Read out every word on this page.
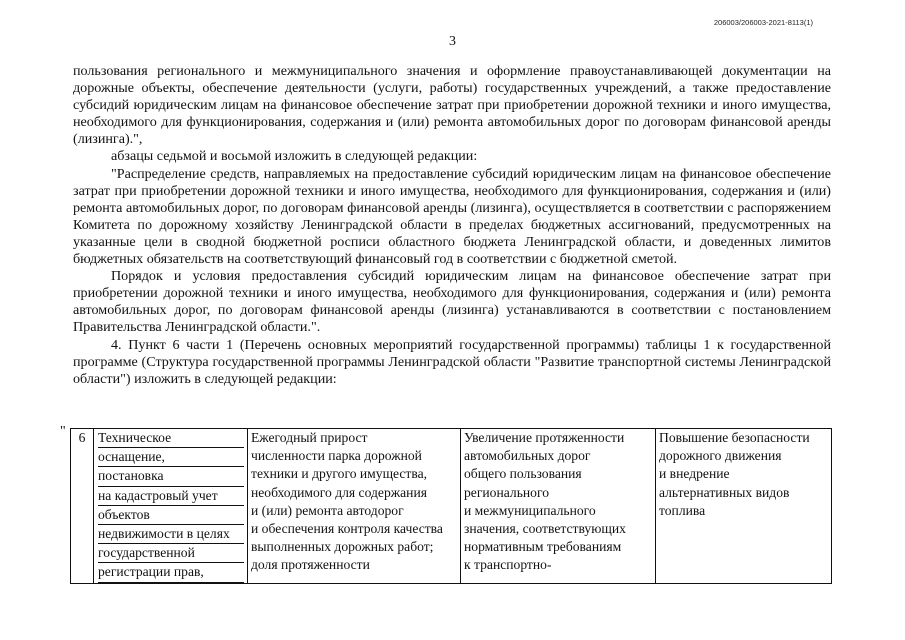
206003/206003-2021-8113(1)
3

пользования регионального и межмуниципального значения и оформление правоустанавливающей документации на дорожные объекты, обеспечение деятельности (услуги, работы) государственных учреждений, а также предоставление субсидий юридическим лицам на финансовое обеспечение затрат при приобретении дорожной техники и иного имущества, необходимого для функционирования, содержания и (или) ремонта автомобильных дорог по договорам финансовой аренды (лизинга).",

абзацы седьмой и восьмой изложить в следующей редакции:

"Распределение средств, направляемых на предоставление субсидий юридическим лицам на финансовое обеспечение затрат при приобретении дорожной техники и иного имущества, необходимого для функционирования, содержания и (или) ремонта автомобильных дорог, по договорам финансовой аренды (лизинга), осуществляется в соответствии с распоряжением Комитета по дорожному хозяйству Ленинградской области в пределах бюджетных ассигнований, предусмотренных на указанные цели в сводной бюджетной росписи областного бюджета Ленинградской области, и доведенных лимитов бюджетных обязательств на соответствующий финансовый год в соответствии с бюджетной сметой.

Порядок и условия предоставления субсидий юридическим лицам на финансовое обеспечение затрат при приобретении дорожной техники и иного имущества, необходимого для функционирования, содержания и (или) ремонта автомобильных дорог, по договорам финансовой аренды (лизинга) устанавливаются в соответствии с постановлением Правительства Ленинградской области.".

4. Пункт 6 части 1 (Перечень основных мероприятий государственной программы) таблицы 1 к государственной программе (Структура государственной программы Ленинградской области "Развитие транспортной системы Ленинградской области") изложить в следующей редакции:

" 6	Техническое
оснащение,
постановка
на кадастровый учет
объектов
недвижимости в целях
государственной
регистрации прав,

Ежегодный прирост
численности парка дорожной
техники и другого имущества,
необходимого для содержания
и (или) ремонта автодорог
и обеспечения контроля качества
выполненных дорожных работ;
доля протяженности

Увеличение протяженности
автомобильных дорог
общего пользования
регионального
и межмуниципального
значения, соответствующих
нормативным требованиям
к транспортно-

Повышение безопасности
дорожного движения
и внедрение
альтернативных видов
топлива
